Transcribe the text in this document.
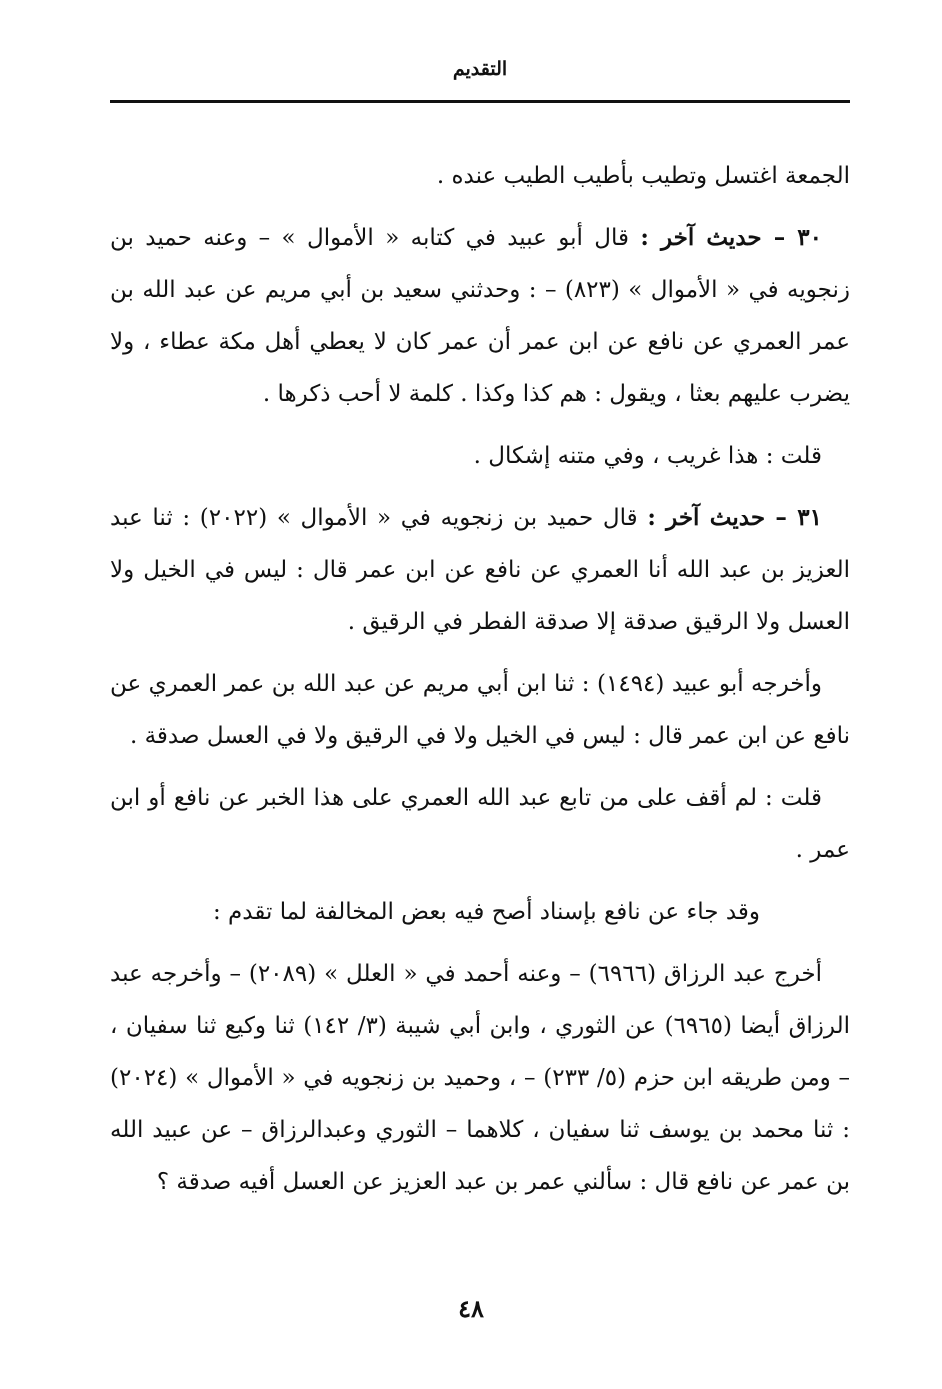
التقديم

الجمعة اغتسل وتطيب بأطيب الطيب عنده .

٣٠ – حديث آخر : قال أبو عبيد في كتابه « الأموال » – وعنه حميد بن زنجويه في « الأموال » (٨٢٣) – : وحدثني سعيد بن أبي مريم عن عبد الله بن عمر العمري عن نافع عن ابن عمر أن عمر كان لا يعطي أهل مكة عطاء ، ولا يضرب عليهم بعثا ، ويقول : هم كذا وكذا . كلمة لا أحب ذكرها .

قلت : هذا غريب ، وفي متنه إشكال .

٣١ – حديث آخر : قال حميد بن زنجويه في « الأموال » (٢٠٢٢) : ثنا عبد العزيز بن عبد الله أنا العمري عن نافع عن ابن عمر قال : ليس في الخيل ولا العسل ولا الرقيق صدقة إلا صدقة الفطر في الرقيق .

وأخرجه أبو عبيد (١٤٩٤) : ثنا ابن أبي مريم عن عبد الله بن عمر العمري عن نافع عن ابن عمر قال : ليس في الخيل ولا في الرقيق ولا في العسل صدقة .

قلت : لم أقف على من تابع عبد الله العمري على هذا الخبر عن نافع أو ابن عمر .

وقد جاء عن نافع بإسناد أصح فيه بعض المخالفة لما تقدم :

أخرج عبد الرزاق (٦٩٦٦) – وعنه أحمد في « العلل » (٢٠٨٩) – وأخرجه عبد الرزاق أيضا (٦٩٦٥) عن الثوري ، وابن أبي شيبة (٣/ ١٤٢) ثنا وكيع ثنا سفيان ، – ومن طريقه ابن حزم (٥/ ٢٣٣) – ، وحميد بن زنجويه في « الأموال » (٢٠٢٤) : ثنا محمد بن يوسف ثنا سفيان ، كلاهما – الثوري وعبدالرزاق – عن عبيد الله بن عمر عن نافع قال : سألني عمر بن عبد العزيز عن العسل أفيه صدقة ؟

٤٨
